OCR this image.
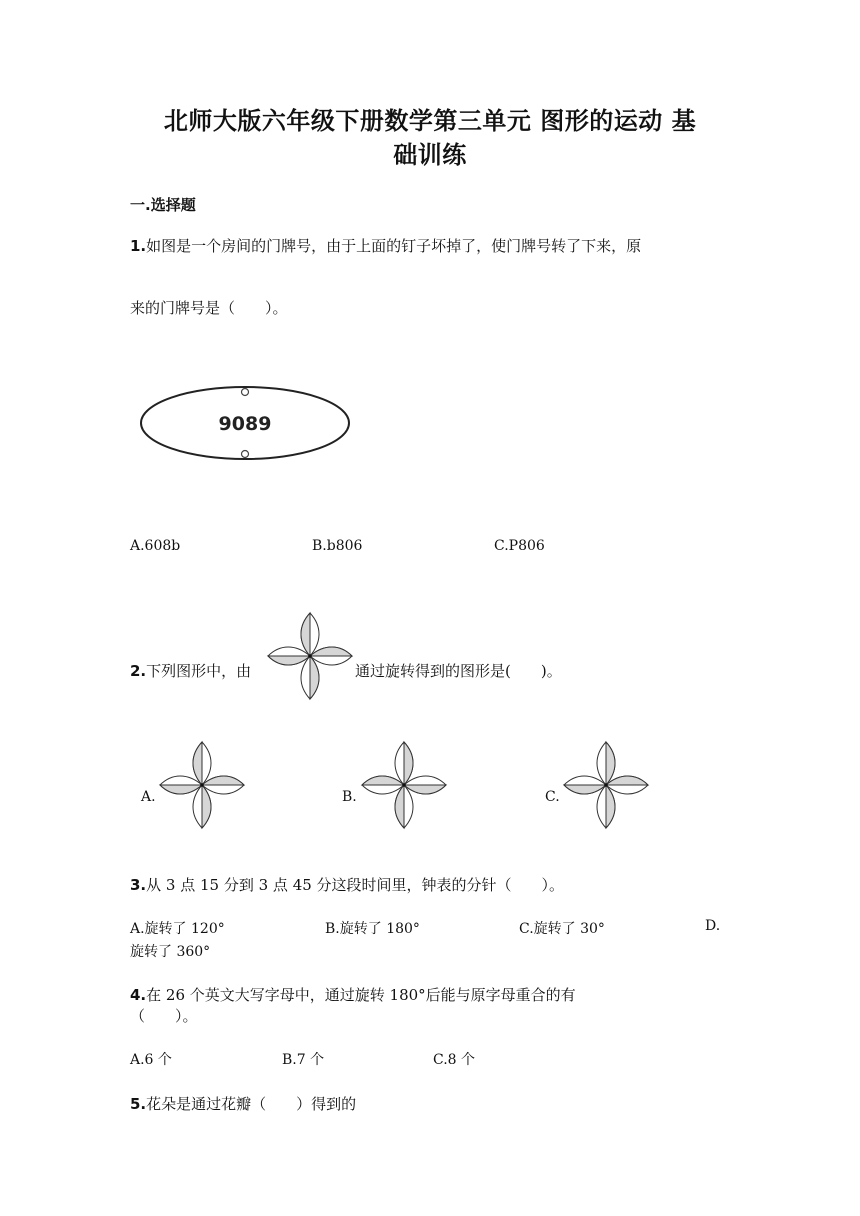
北师大版六年级下册数学第三单元 图形的运动 基
础训练
一.选择题
1.如图是一个房间的门牌号，由于上面的钉子坏掉了，使门牌号转了下来，原
来的门牌号是（　　）。
9089
A.608b	B.b806	C.P806
2.下列图形中，由	通过旋转得到的图形是(　　)。
A.	B.	C.
3.从 3 点 15 分到 3 点 45 分这段时间里，钟表的分针（　　）。
A.旋转了 120°	B.旋转了 180°	C.旋转了 30°	D.
旋转了 360°
4.在 26 个英文大写字母中，通过旋转 180°后能与原字母重合的有
（　　）。
A.6 个	B.7 个	C.8 个
5.花朵是通过花瓣（　　）得到的
